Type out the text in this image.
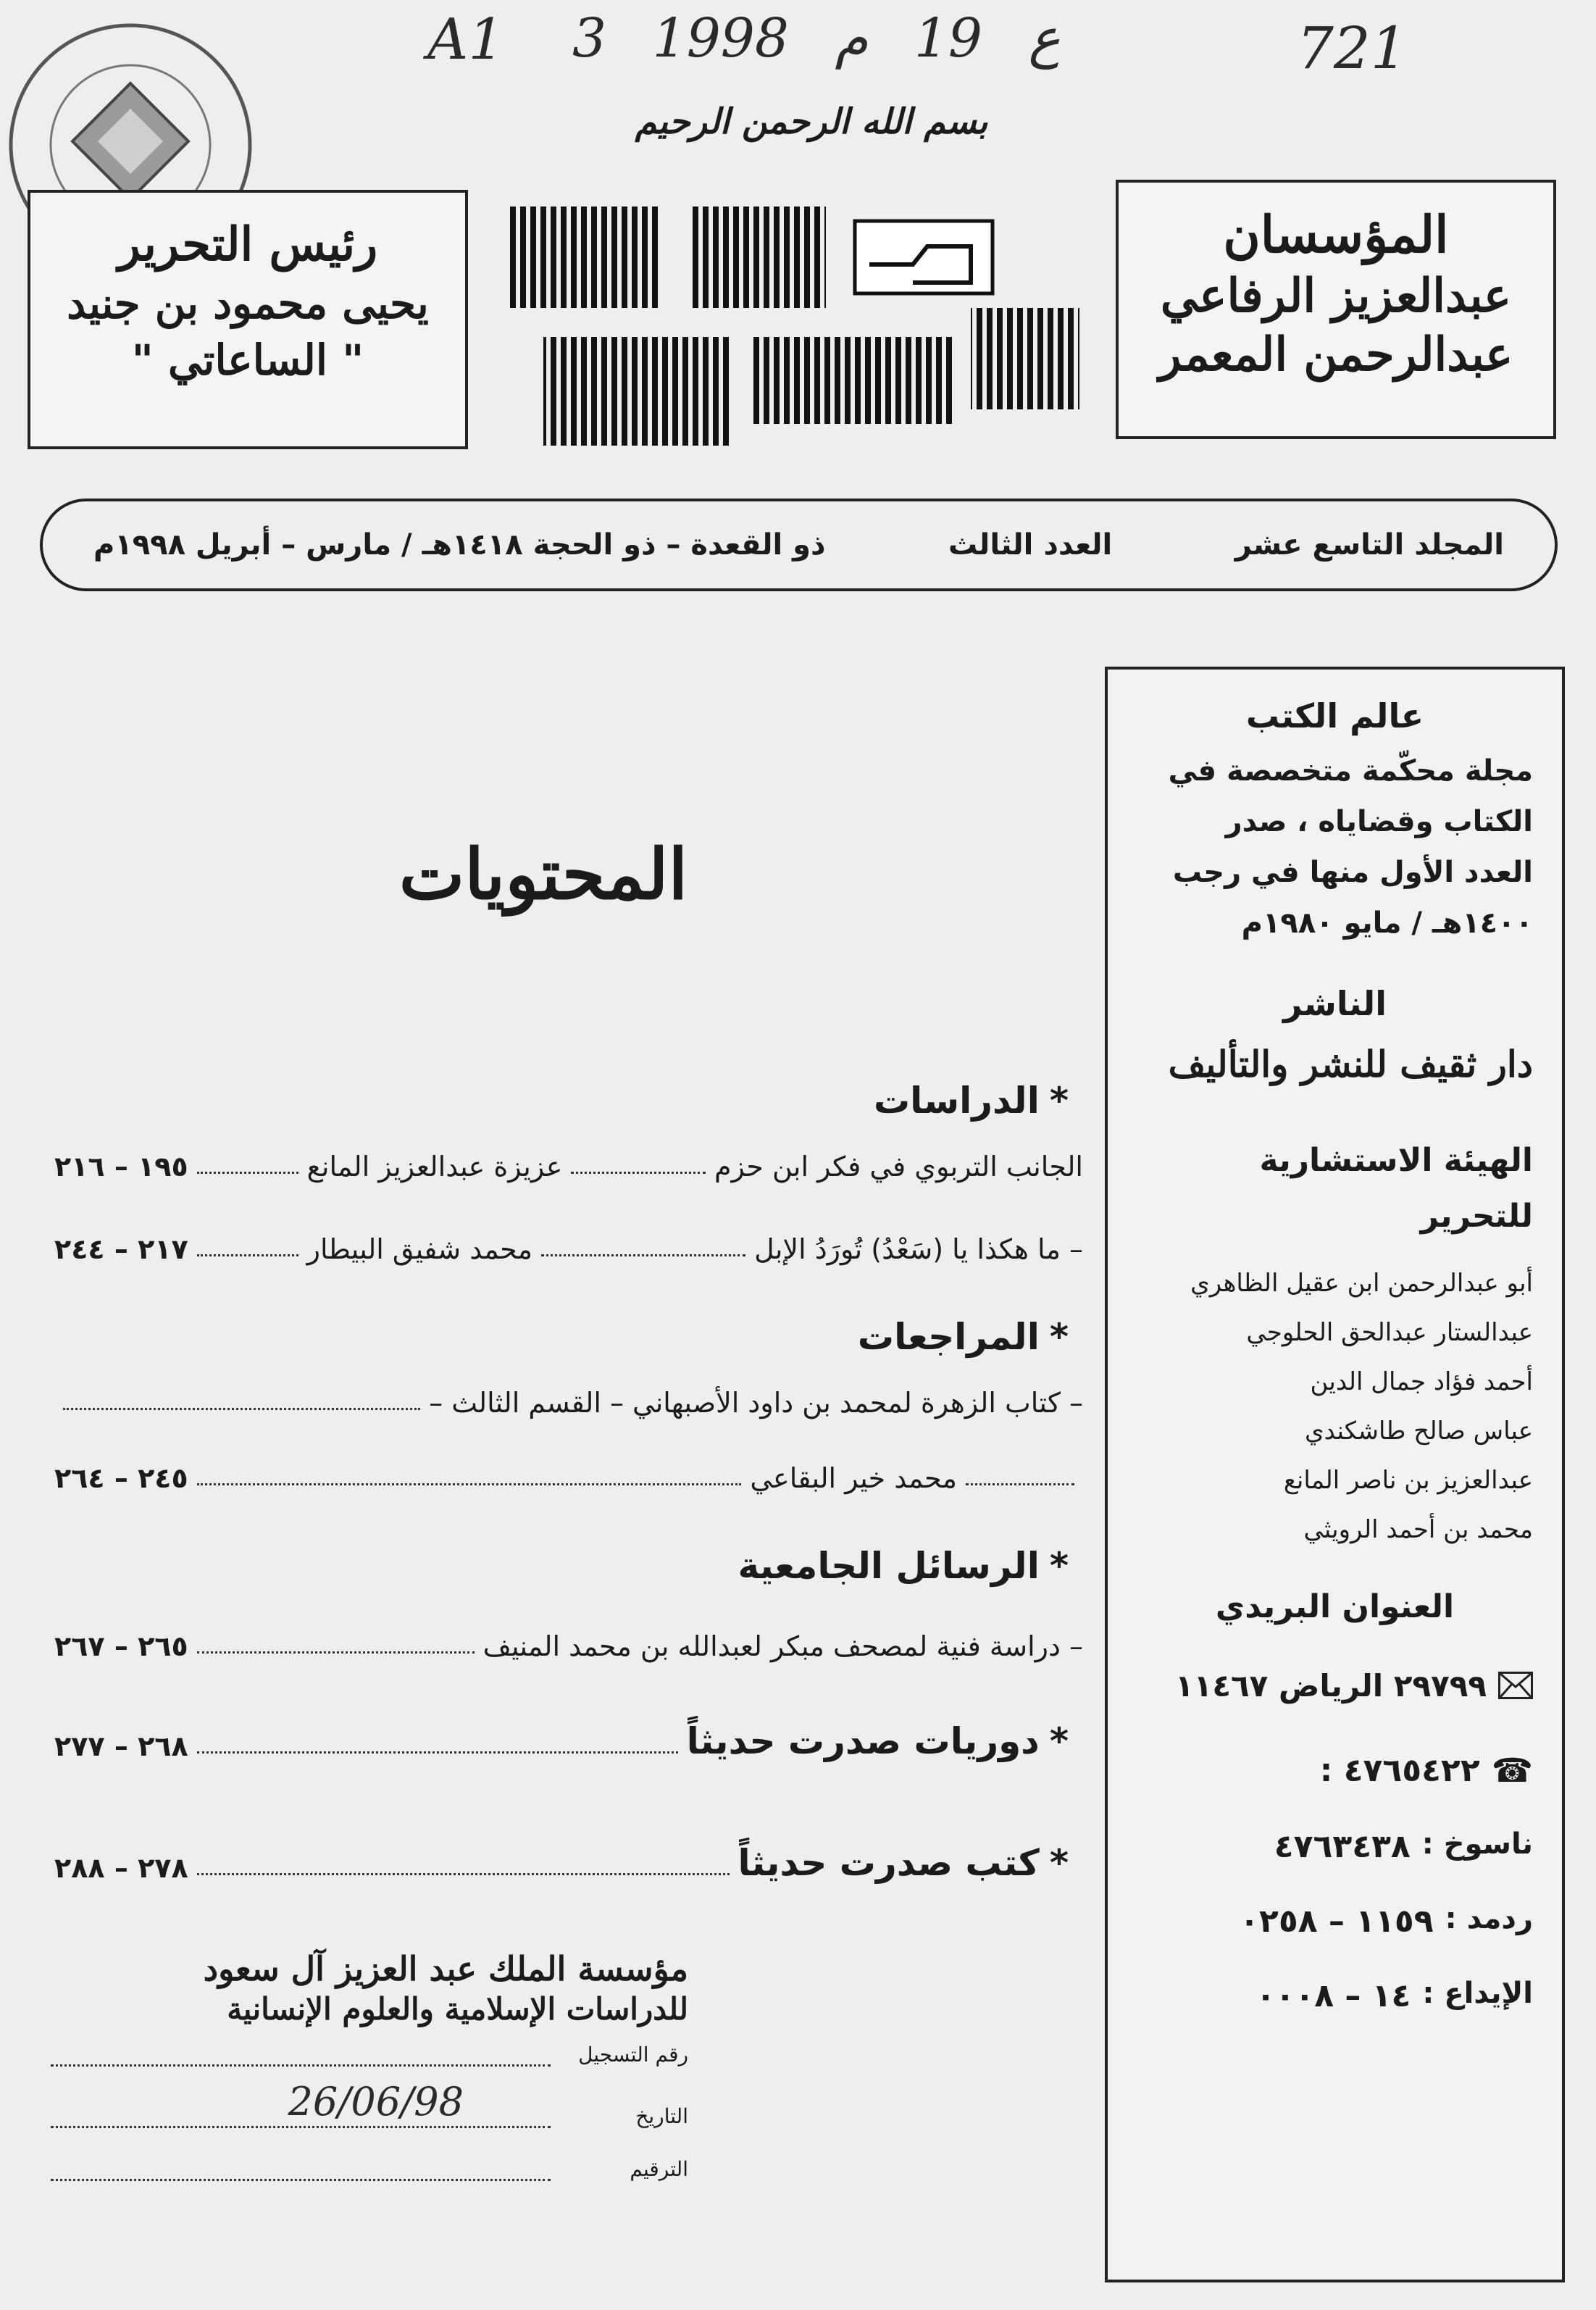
A1 3	ع 19 م 1998	721
بسم الله الرحمن الرحيم
المؤسسان
عبدالعزيز الرفاعي
عبدالرحمن المعمر
رئيس التحرير
يحيى محمود بن جنيد
" الساعاتي "
المجلد التاسع عشر
العدد الثالث
ذو القعدة – ذو الحجة ١٤١٨هـ / مارس – أبريل ١٩٩٨م
عالم الكتب
مجلة محكّمة متخصصة في
الكتاب وقضاياه ، صدر
العدد الأول منها في رجب
١٤٠٠هـ / مايو ١٩٨٠م
الناشر
دار ثقيف للنشر والتأليف
الهيئة الاستشارية للتحرير
أبو عبدالرحمن ابن عقيل الظاهري
عبدالستار عبدالحق الحلوجي
أحمد فؤاد جمال الدين
عباس صالح طاشكندي
عبدالعزيز بن ناصر المانع
محمد بن أحمد الرويثي
العنوان البريدي
٢٩٧٩٩ الرياض ١١٤٦٧
☎
٤٧٦٥٤٢٢ :
ناسوخ :
٤٧٦٣٤٣٨
ردمد :
١١٥٩ – ٠٢٥٨
الإيداع :
١٤ – ٠٠٠٨
المحتويات
*الدراسات
الجانب التربوي في فكر ابن حزم
عزيزة عبدالعزيز المانع
١٩٥ – ٢١٦
– ما هكذا يا (سَعْدُ) تُورَدُ الإبل
محمد شفيق البيطار
٢١٧ – ٢٤٤
*المراجعات
– كتاب الزهرة لمحمد بن داود الأصبهاني – القسم الثالث –
محمد خير البقاعي
٢٤٥ – ٢٦٤
*الرسائل الجامعية
– دراسة فنية لمصحف مبكر لعبدالله بن محمد المنيف
٢٦٥ – ٢٦٧
*دوريات صدرت حديثاً
٢٦٨ – ٢٧٧
*كتب صدرت حديثاً
٢٧٨ – ٢٨٨
مؤسسة الملك عبد العزيز آل سعود
للدراسات الإسلامية والعلوم الإنسانية
رقم التسجيل
التاريخ
26/06/98
الترقيم
